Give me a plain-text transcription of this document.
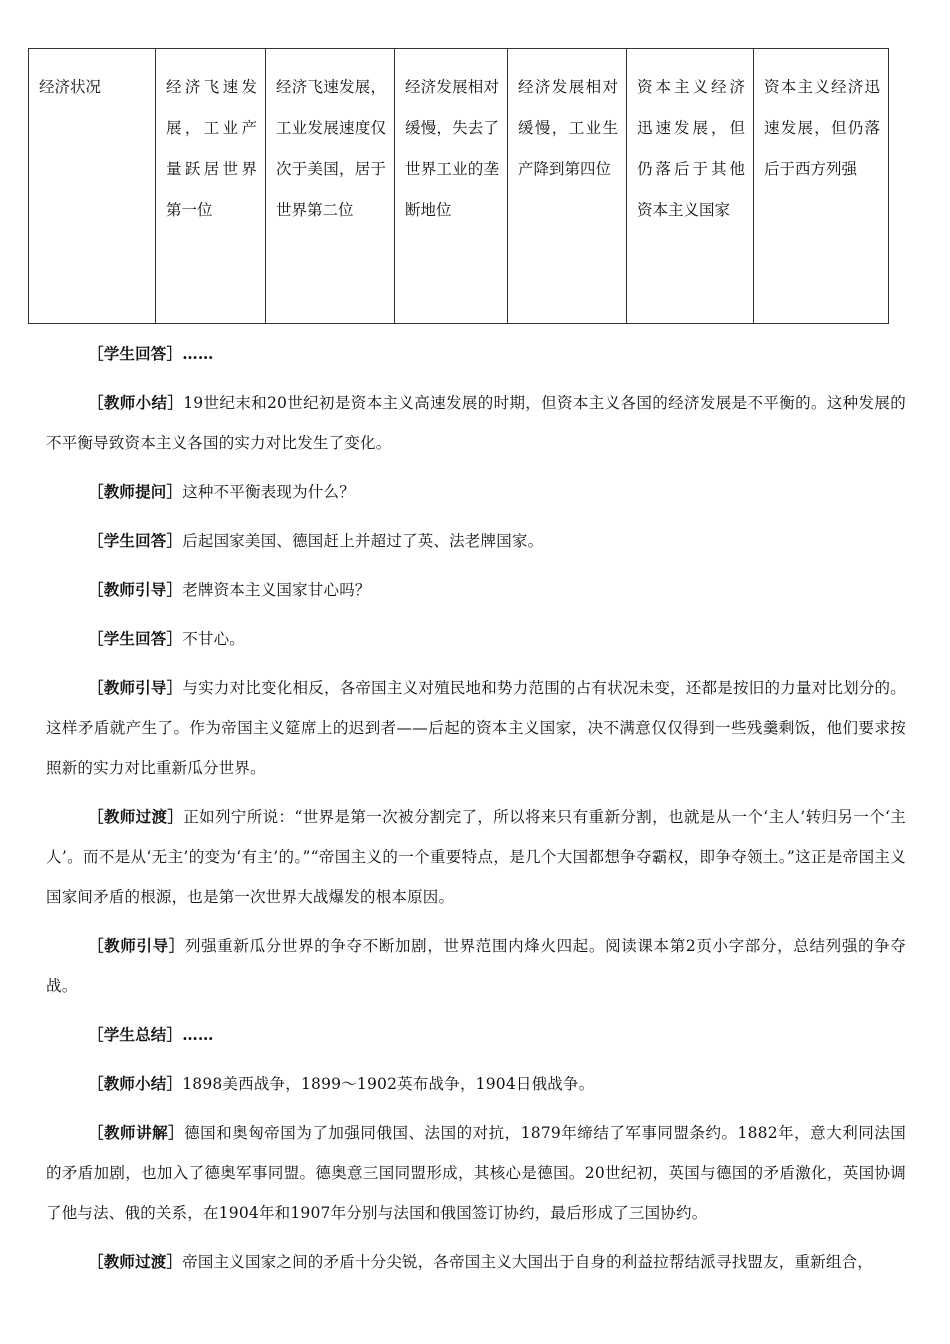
经济状况	经济飞速发展，工业产量跃居世界第一位	经济飞速发展，工业发展速度仅次于美国，居于世界第二位	经济发展相对缓慢，失去了世界工业的垄断地位	经济发展相对缓慢，工业生产降到第四位	资本主义经济迅速发展，但仍落后于其他资本主义国家	资本主义经济迅速发展，但仍落后于西方列强

［学生回答］……

［教师小结］19世纪末和20世纪初是资本主义高速发展的时期，但资本主义各国的经济发展是不平衡的。这种发展的不平衡导致资本主义各国的实力对比发生了变化。

［教师提问］这种不平衡表现为什么？

［学生回答］后起国家美国、德国赶上并超过了英、法老牌国家。

［教师引导］老牌资本主义国家甘心吗？

［学生回答］不甘心。

［教师引导］与实力对比变化相反，各帝国主义对殖民地和势力范围的占有状况未变，还都是按旧的力量对比划分的。这样矛盾就产生了。作为帝国主义筵席上的迟到者——后起的资本主义国家，决不满意仅仅得到一些残羹剩饭，他们要求按照新的实力对比重新瓜分世界。

［教师过渡］正如列宁所说：“世界是第一次被分割完了，所以将来只有重新分割，也就是从一个‘主人’转归另一个‘主人’。而不是从‘无主’的变为‘有主’的。”“帝国主义的一个重要特点，是几个大国都想争夺霸权，即争夺领土。”这正是帝国主义国家间矛盾的根源，也是第一次世界大战爆发的根本原因。

［教师引导］列强重新瓜分世界的争夺不断加剧，世界范围内烽火四起。阅读课本第2页小字部分，总结列强的争夺战。

［学生总结］……

［教师小结］1898美西战争，1899～1902英布战争，1904日俄战争。

［教师讲解］德国和奥匈帝国为了加强同俄国、法国的对抗，1879年缔结了军事同盟条约。1882年，意大利同法国的矛盾加剧，也加入了德奥军事同盟。德奥意三国同盟形成，其核心是德国。20世纪初，英国与德国的矛盾激化，英国协调了他与法、俄的关系，在1904年和1907年分别与法国和俄国签订协约，最后形成了三国协约。

［教师过渡］帝国主义国家之间的矛盾十分尖锐，各帝国主义大国出于自身的利益拉帮结派寻找盟友，重新组合，
